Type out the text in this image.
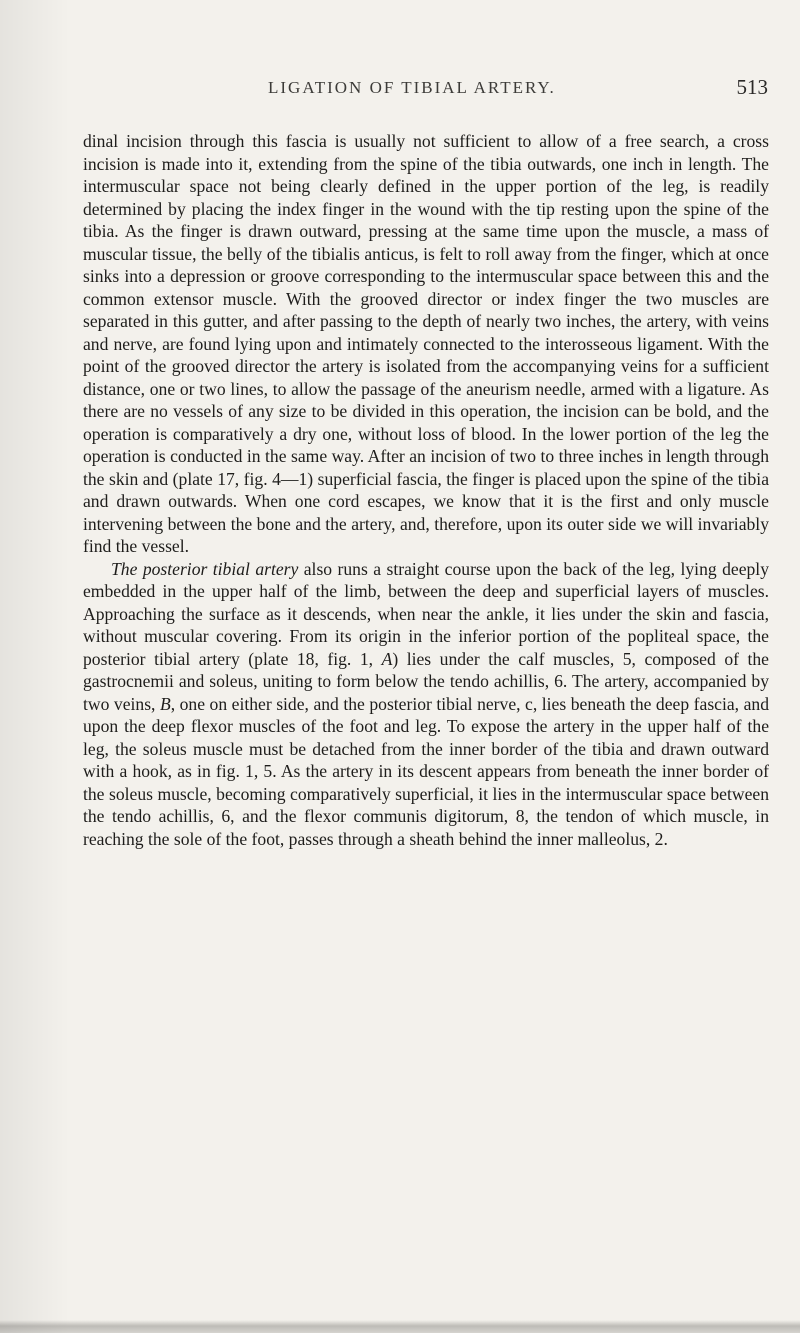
LIGATION OF TIBIAL ARTERY.	513

dinal incision through this fascia is usually not sufficient to allow of a free search, a cross incision is made into it, extending from the spine of the tibia outwards, one inch in length. The intermuscular space not being clearly defined in the upper portion of the leg, is readily determined by placing the index finger in the wound with the tip resting upon the spine of the tibia. As the finger is drawn outward, pressing at the same time upon the muscle, a mass of muscular tissue, the belly of the tibialis anticus, is felt to roll away from the finger, which at once sinks into a depression or groove corresponding to the intermuscular space between this and the common extensor muscle. With the grooved director or index finger the two muscles are separated in this gutter, and after passing to the depth of nearly two inches, the artery, with veins and nerve, are found lying upon and intimately connected to the interosseous ligament. With the point of the grooved director the artery is isolated from the accompanying veins for a sufficient distance, one or two lines, to allow the passage of the aneurism needle, armed with a ligature. As there are no vessels of any size to be divided in this operation, the incision can be bold, and the operation is comparatively a dry one, without loss of blood. In the lower portion of the leg the operation is conducted in the same way. After an incision of two to three inches in length through the skin and (plate 17, fig. 4—1) superficial fascia, the finger is placed upon the spine of the tibia and drawn outwards. When one cord escapes, we know that it is the first and only muscle intervening between the bone and the artery, and, therefore, upon its outer side we will invariably find the vessel.

The posterior tibial artery also runs a straight course upon the back of the leg, lying deeply embedded in the upper half of the limb, between the deep and superficial layers of muscles. Approaching the surface as it descends, when near the ankle, it lies under the skin and fascia, without muscular covering. From its origin in the inferior portion of the popliteal space, the posterior tibial artery (plate 18, fig. 1, A) lies under the calf muscles, 5, composed of the gastrocnemii and soleus, uniting to form below the tendo achillis, 6. The artery, accompanied by two veins, B, one on either side, and the posterior tibial nerve, c, lies beneath the deep fascia, and upon the deep flexor muscles of the foot and leg. To expose the artery in the upper half of the leg, the soleus muscle must be detached from the inner border of the tibia and drawn outward with a hook, as in fig. 1, 5. As the artery in its descent appears from beneath the inner border of the soleus muscle, becoming comparatively superficial, it lies in the intermuscular space between the tendo achillis, 6, and the flexor communis digitorum, 8, the tendon of which muscle, in reaching the sole of the foot, passes through a sheath behind the inner malleolus, 2.
